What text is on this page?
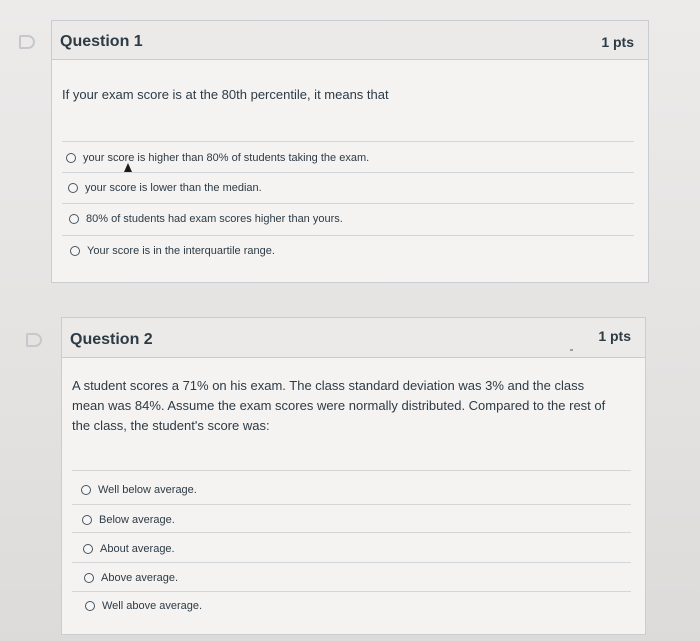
Question 1	1 pts
If your exam score is at the 80th percentile, it means that
your score is higher than 80% of students taking the exam.
your score is lower than the median.
80% of students had exam scores higher than yours.
Your score is in the interquartile range.
Question 2	1 pts
A student scores a 71% on his exam. The class standard deviation was 3% and the class mean was 84%. Assume the exam scores were normally distributed. Compared to the rest of the class, the student's score was:
Well below average.
Below average.
About average.
Above average.
Well above average.
